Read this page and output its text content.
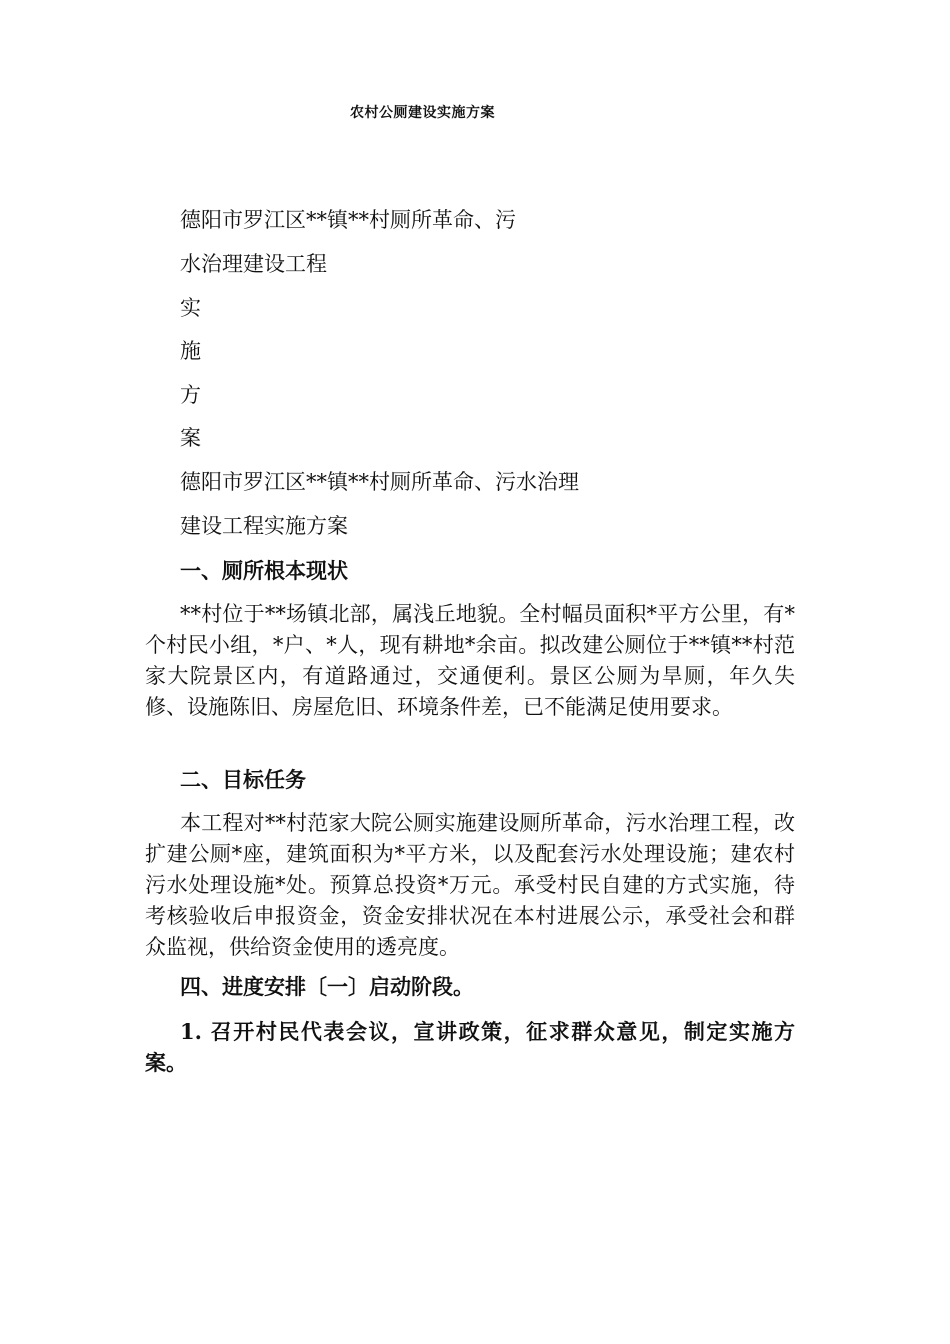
农村公厕建设实施方案
德阳市罗江区**镇**村厕所革命、污
水治理建设工程
实
施
方
案
德阳市罗江区**镇**村厕所革命、污水治理
建设工程实施方案
一、厕所根本现状
**村位于**场镇北部，属浅丘地貌。全村幅员面积*平方公里，有*个村民小组，*户、*人，现有耕地*余亩。拟改建公厕位于**镇**村范家大院景区内，有道路通过，交通便利。景区公厕为旱厕，年久失修、设施陈旧、房屋危旧、环境条件差，已不能满足使用要求。
二、目标任务
本工程对**村范家大院公厕实施建设厕所革命，污水治理工程，改扩建公厕*座，建筑面积为*平方米，以及配套污水处理设施；建农村污水处理设施*处。预算总投资*万元。承受村民自建的方式实施，待考核验收后申报资金，资金安排状况在本村进展公示，承受社会和群众监视，供给资金使用的透亮度。
四、进度安排〔一〕启动阶段。
1. 召开村民代表会议，宣讲政策，征求群众意见，制定实施方案。
